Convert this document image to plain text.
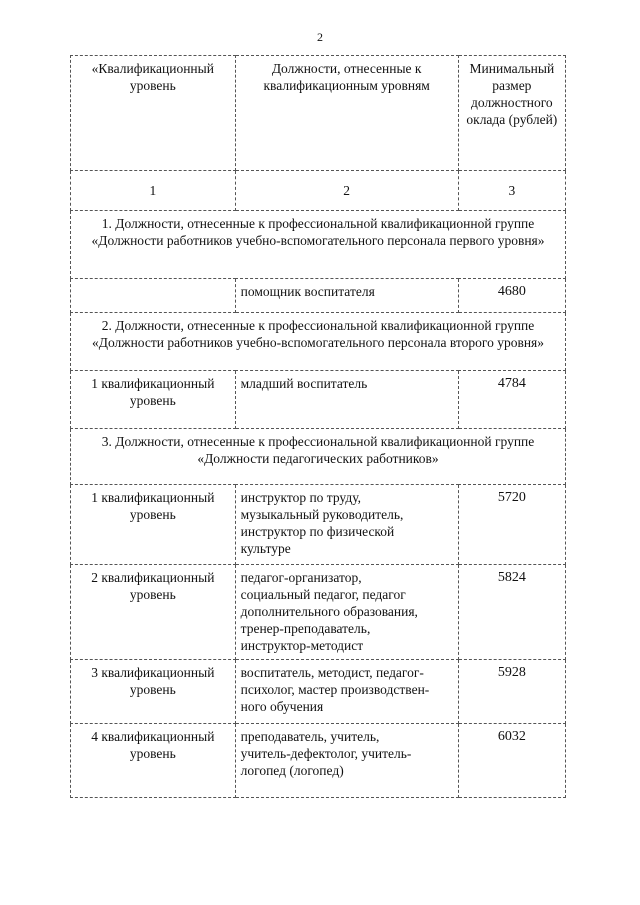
2
«Квалификационный уровень	Должности, отнесенные к квалификационным уровням	Минимальный размер должностного оклада (рублей)
1	2	3
1. Должности, отнесенные к профессиональной квалификационной группе «Должности работников учебно-вспомогательного персонала первого уровня»		

	помощник воспитателя	4680
2. Должности, отнесенные к профессиональной квалификационной группе «Должности работников учебно-вспомогательного персонала второго уровня»		
1 квалификационный уровень	младший воспитатель	4784
3. Должности, отнесенные к профессиональной квалификационной группе «Должности педагогических работников»		
1 квалификационный уровень	инструктор по труду,
музыкальный руководитель,
инструктор по физической
культуре	5720
2 квалификационный уровень	педагог-организатор,
социальный педагог, педагог
дополнительного образования,
тренер-преподаватель,
инструктор-методист	5824
3 квалификационный уровень	воспитатель, методист, педагог-
психолог, мастер производствен-
ного обучения	5928
4 квалификационный уровень	преподаватель, учитель,
учитель-дефектолог, учитель-
логопед (логопед)	6032
